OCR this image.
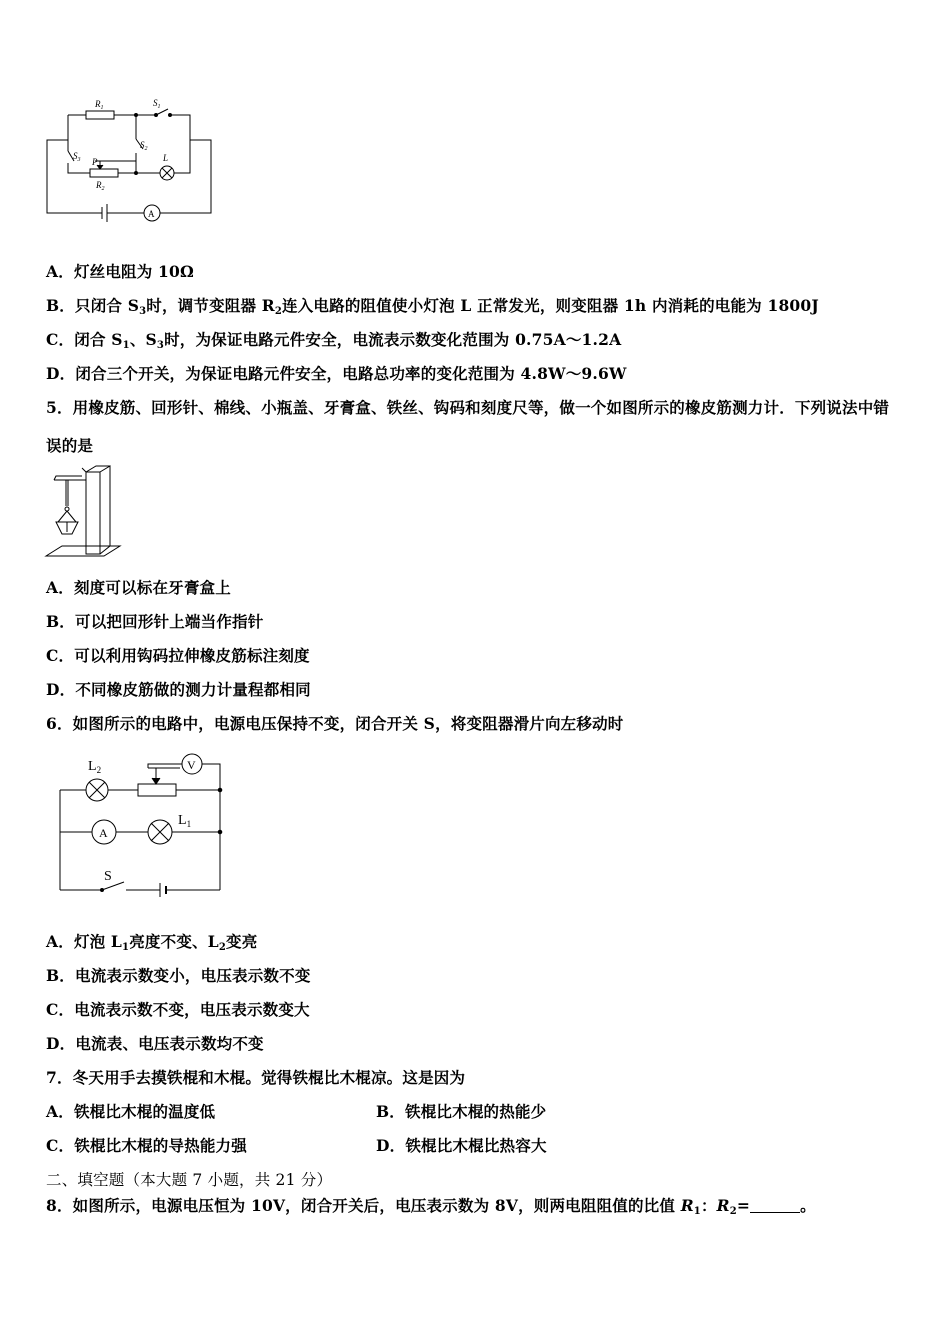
$R_1$	$S_1$
$S_2$
$S_3$ P
$R_2$
L
A
A．灯丝电阻为 10Ω
B．只闭合 $S_3$时，调节变阻器 $R_2$连入电路的阻值使小灯泡 L 正常发光，则变阻器 1h 内消耗的电能为 1800J
C．闭合 $S_1$、$S_3$时，为保证电路元件安全，电流表示数变化范围为 0.75A～1.2A
D．闭合三个开关，为保证电路元件安全，电路总功率的变化范围为 4.8W～9.6W
5．用橡皮筋、回形针、棉线、小瓶盖、牙膏盒、铁丝、钩码和刻度尺等，做一个如图所示的橡皮筋测力计．下列说法中错
误的是
A．刻度可以标在牙膏盒上
B．可以把回形针上端当作指针
C．可以利用钩码拉伸橡皮筋标注刻度
D．不同橡皮筋做的测力计量程都相同
6．如图所示的电路中，电源电压保持不变，闭合开关 S，将变阻器滑片向左移动时
$L_2$
$L_1$
V
A
S
A．灯泡 $L_1$亮度不变、$L_2$变亮
B．电流表示数变小，电压表示数不变
C．电流表示数不变，电压表示数变大
D．电流表、电压表示数均不变
7．冬天用手去摸铁棍和木棍。觉得铁棍比木棍凉。这是因为
A．铁棍比木棍的温度低	B．铁棍比木棍的热能少
C．铁棍比木棍的导热能力强	D．铁棍比木棍比热容大
二、填空题（本大题 7 小题，共 21 分）
8．如图所示，电源电压恒为 10V，闭合开关后，电压表示数为 8V，则两电阻阻值的比值 $R_1$：$R_2=$	。
